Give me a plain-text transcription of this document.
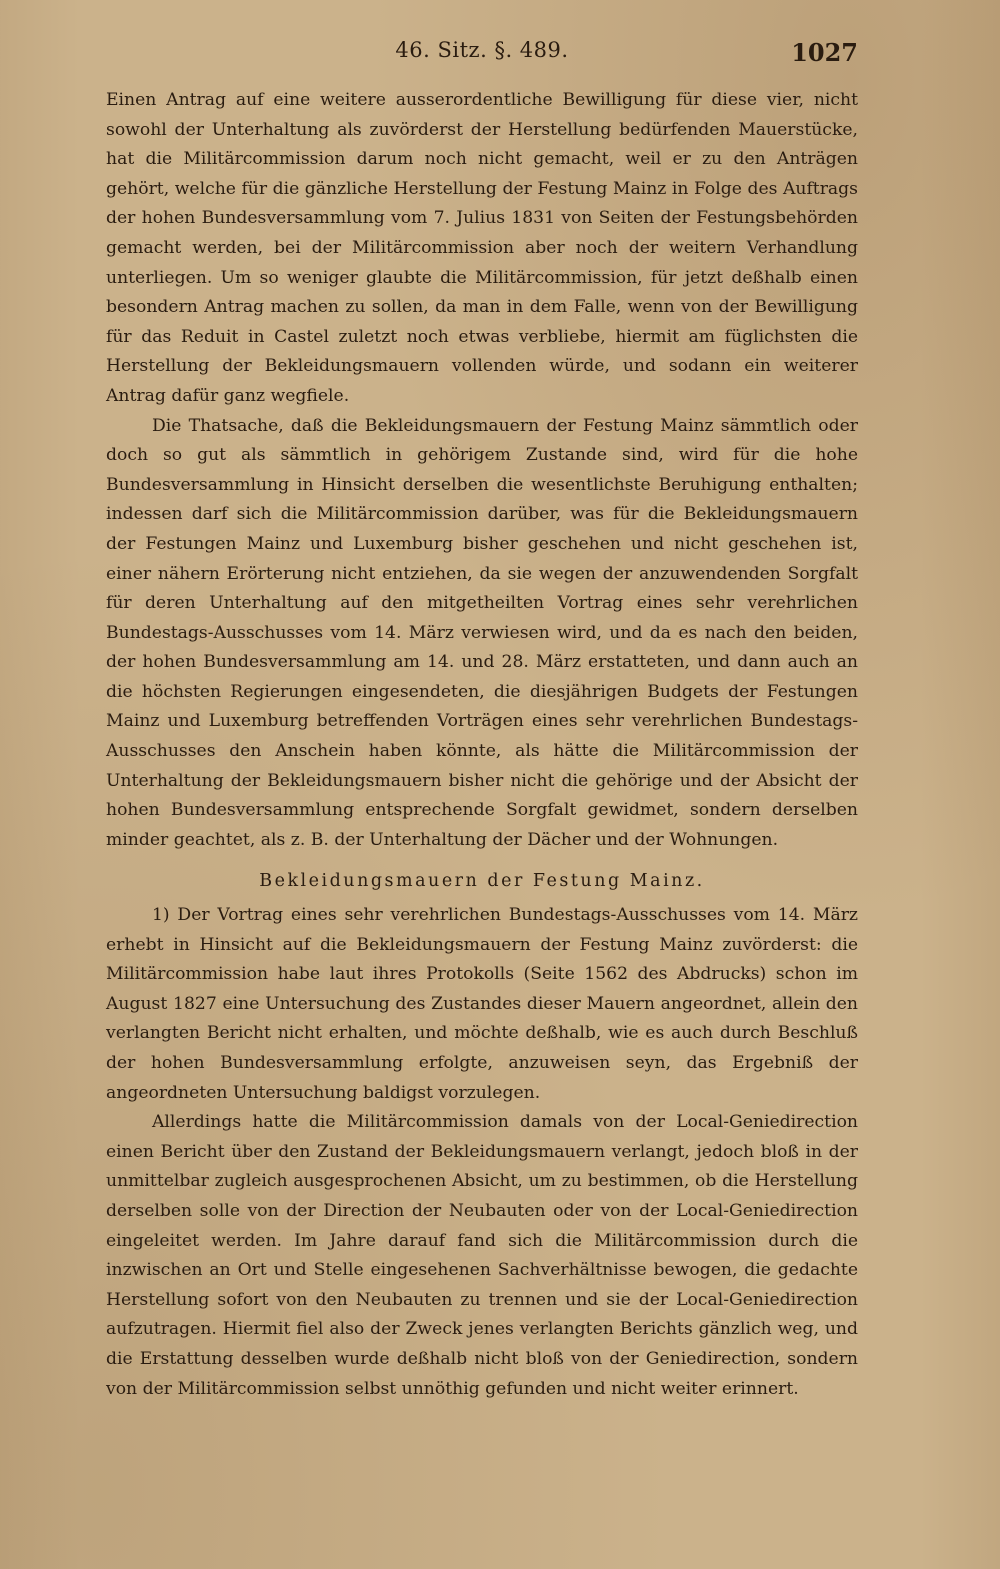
46. Sitz. §. 489.	1027

Einen Antrag auf eine weitere ausserordentliche Bewilligung für diese vier, nicht sowohl der Unterhaltung als zuvörderst der Herstellung bedürfenden Mauerstücke, hat die Militärcommission darum noch nicht gemacht, weil er zu den Anträgen gehört, welche für die gänzliche Herstellung der Festung Mainz in Folge des Auftrags der hohen Bundesversammlung vom 7. Julius 1831 von Seiten der Festungsbehörden gemacht werden, bei der Militärcommission aber noch der weitern Verhandlung unterliegen. Um so weniger glaubte die Militärcommission, für jetzt deßhalb einen besondern Antrag machen zu sollen, da man in dem Falle, wenn von der Bewilligung für das Reduit in Castel zuletzt noch etwas verbliebe, hiermit am füglichsten die Herstellung der Bekleidungsmauern vollenden würde, und sodann ein weiterer Antrag dafür ganz wegfiele.

Die Thatsache, daß die Bekleidungsmauern der Festung Mainz sämmtlich oder doch so gut als sämmtlich in gehörigem Zustande sind, wird für die hohe Bundesversammlung in Hinsicht derselben die wesentlichste Beruhigung enthalten; indessen darf sich die Militärcommission darüber, was für die Bekleidungsmauern der Festungen Mainz und Luxemburg bisher geschehen und nicht geschehen ist, einer nähern Erörterung nicht entziehen, da sie wegen der anzuwendenden Sorgfalt für deren Unterhaltung auf den mitgetheilten Vortrag eines sehr verehrlichen Bundestags-Ausschusses vom 14. März verwiesen wird, und da es nach den beiden, der hohen Bundesversammlung am 14. und 28. März erstatteten, und dann auch an die höchsten Regierungen eingesendeten, die diesjährigen Budgets der Festungen Mainz und Luxemburg betreffenden Vorträgen eines sehr verehrlichen Bundestags-Ausschusses den Anschein haben könnte, als hätte die Militärcommission der Unterhaltung der Bekleidungsmauern bisher nicht die gehörige und der Absicht der hohen Bundesversammlung entsprechende Sorgfalt gewidmet, sondern derselben minder geachtet, als z. B. der Unterhaltung der Dächer und der Wohnungen.

Bekleidungsmauern der Festung Mainz.

1) Der Vortrag eines sehr verehrlichen Bundestags-Ausschusses vom 14. März erhebt in Hinsicht auf die Bekleidungsmauern der Festung Mainz zuvörderst: die Militärcommission habe laut ihres Protokolls (Seite 1562 des Abdrucks) schon im August 1827 eine Untersuchung des Zustandes dieser Mauern angeordnet, allein den verlangten Bericht nicht erhalten, und möchte deßhalb, wie es auch durch Beschluß der hohen Bundesversammlung erfolgte, anzuweisen seyn, das Ergebniß der angeordneten Untersuchung baldigst vorzulegen.

Allerdings hatte die Militärcommission damals von der Local-Geniedirection einen Bericht über den Zustand der Bekleidungsmauern verlangt, jedoch bloß in der unmittelbar zugleich ausgesprochenen Absicht, um zu bestimmen, ob die Herstellung derselben solle von der Direction der Neubauten oder von der Local-Geniedirection eingeleitet werden. Im Jahre darauf fand sich die Militärcommission durch die inzwischen an Ort und Stelle eingesehenen Sachverhältnisse bewogen, die gedachte Herstellung sofort von den Neubauten zu trennen und sie der Local-Geniedirection aufzutragen. Hiermit fiel also der Zweck jenes verlangten Berichts gänzlich weg, und die Erstattung desselben wurde deßhalb nicht bloß von der Geniedirection, sondern von der Militärcommission selbst unnöthig gefunden und nicht weiter erinnert.
